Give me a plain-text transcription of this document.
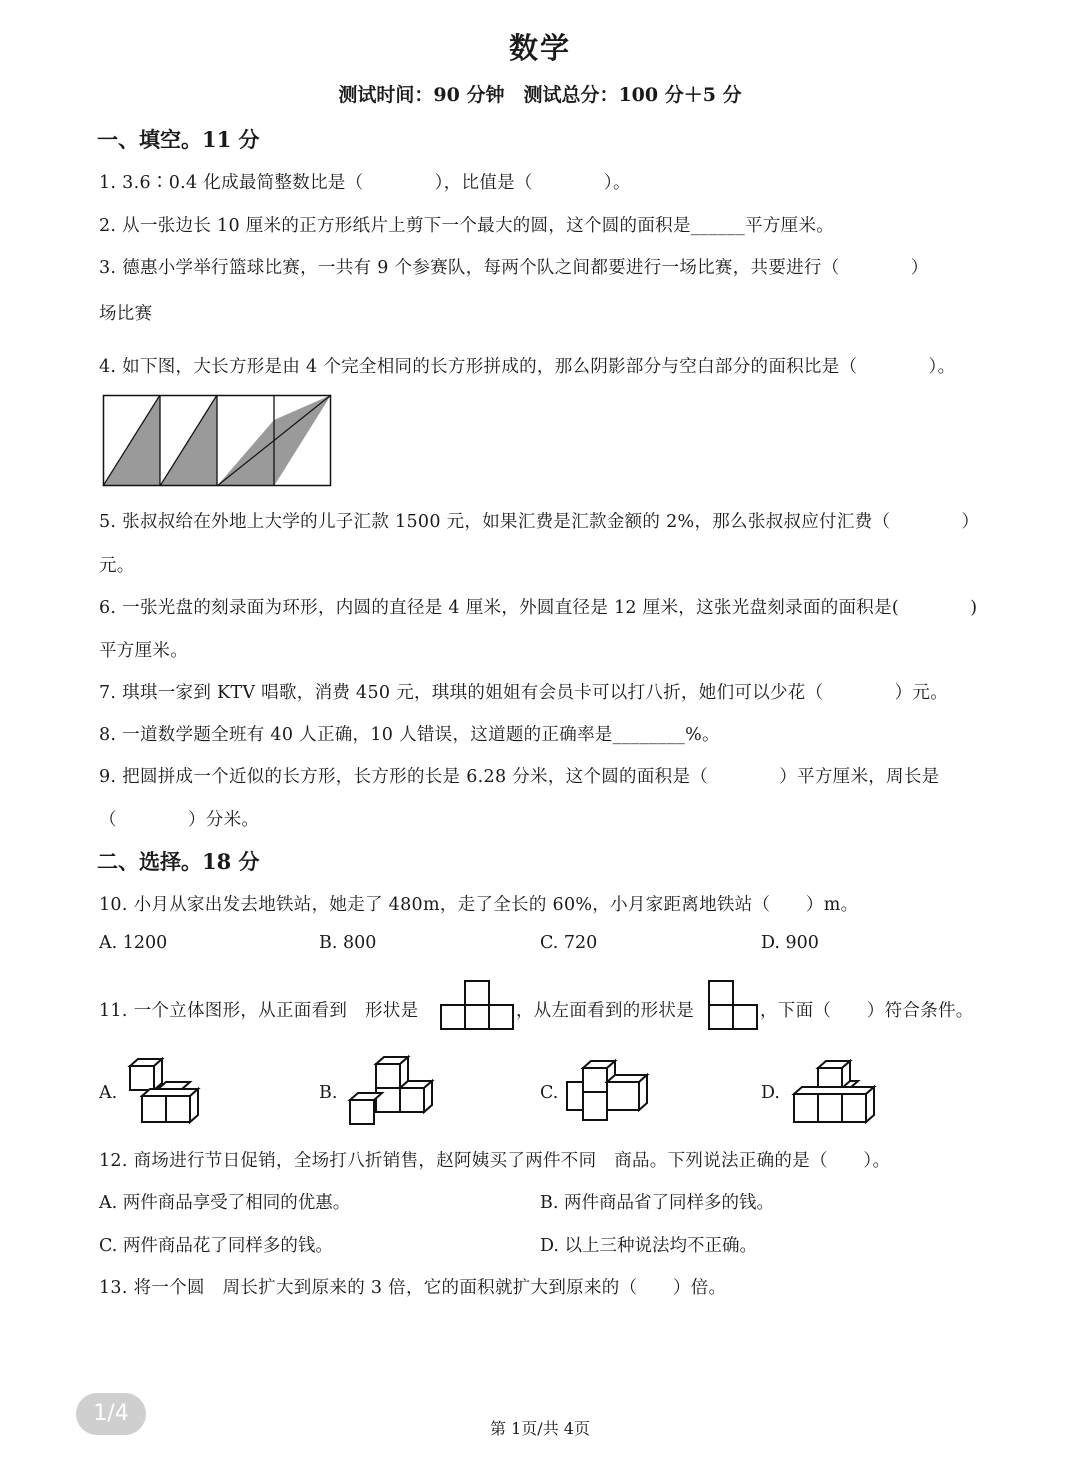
数学
测试时间：90 分钟　测试总分：100 分＋5 分
一、填空。11 分
1. 3.6∶0.4 化成最简整数比是（　　　　），比值是（　　　　）。
2. 从一张边长 10 厘米的正方形纸片上剪下一个最大的圆，这个圆的面积是______平方厘米。
3. 德惠小学举行篮球比赛，一共有 9 个参赛队，每两个队之间都要进行一场比赛，共要进行（　　　　）
场比赛
4. 如下图，大长方形是由 4 个完全相同的长方形拼成的，那么阴影部分与空白部分的面积比是（　　　　）。
5. 张叔叔给在外地上大学的儿子汇款 1500 元，如果汇费是汇款金额的 2%，那么张叔叔应付汇费（　　　　）
元。
6. 一张光盘的刻录面为环形，内圆的直径是 4 厘米，外圆直径是 12 厘米，这张光盘刻录面的面积是(　　　　)
平方厘米。
7. 琪琪一家到 KTV 唱歌，消费 450 元，琪琪的姐姐有会员卡可以打八折，她们可以少花（　　　　）元。
8. 一道数学题全班有 40 人正确，10 人错误，这道题的正确率是________%。
9. 把圆拼成一个近似的长方形，长方形的长是 6.28 分米，这个圆的面积是（　　　　）平方厘米，周长是
（　　　　）分米。
二、选择。18 分
10. 小月从家出发去地铁站，她走了 480m，走了全长的 60%，小月家距离地铁站（　　）m。
A. 1200	B. 800	C. 720	D. 900
11. 一个立体图形，从正面看到　形状是	，从左面看到的形状是	，下面（　　）符合条件。
A.	B.	C.	D.
12. 商场进行节日促销，全场打八折销售，赵阿姨买了两件不同　商品。下列说法正确的是（　　）。
A. 两件商品享受了相同的优惠。	B. 两件商品省了同样多的钱。
C. 两件商品花了同样多的钱。	D. 以上三种说法均不正确。
13. 将一个圆　周长扩大到原来的 3 倍，它的面积就扩大到原来的（　　）倍。
1/4
第 1页/共 4页
